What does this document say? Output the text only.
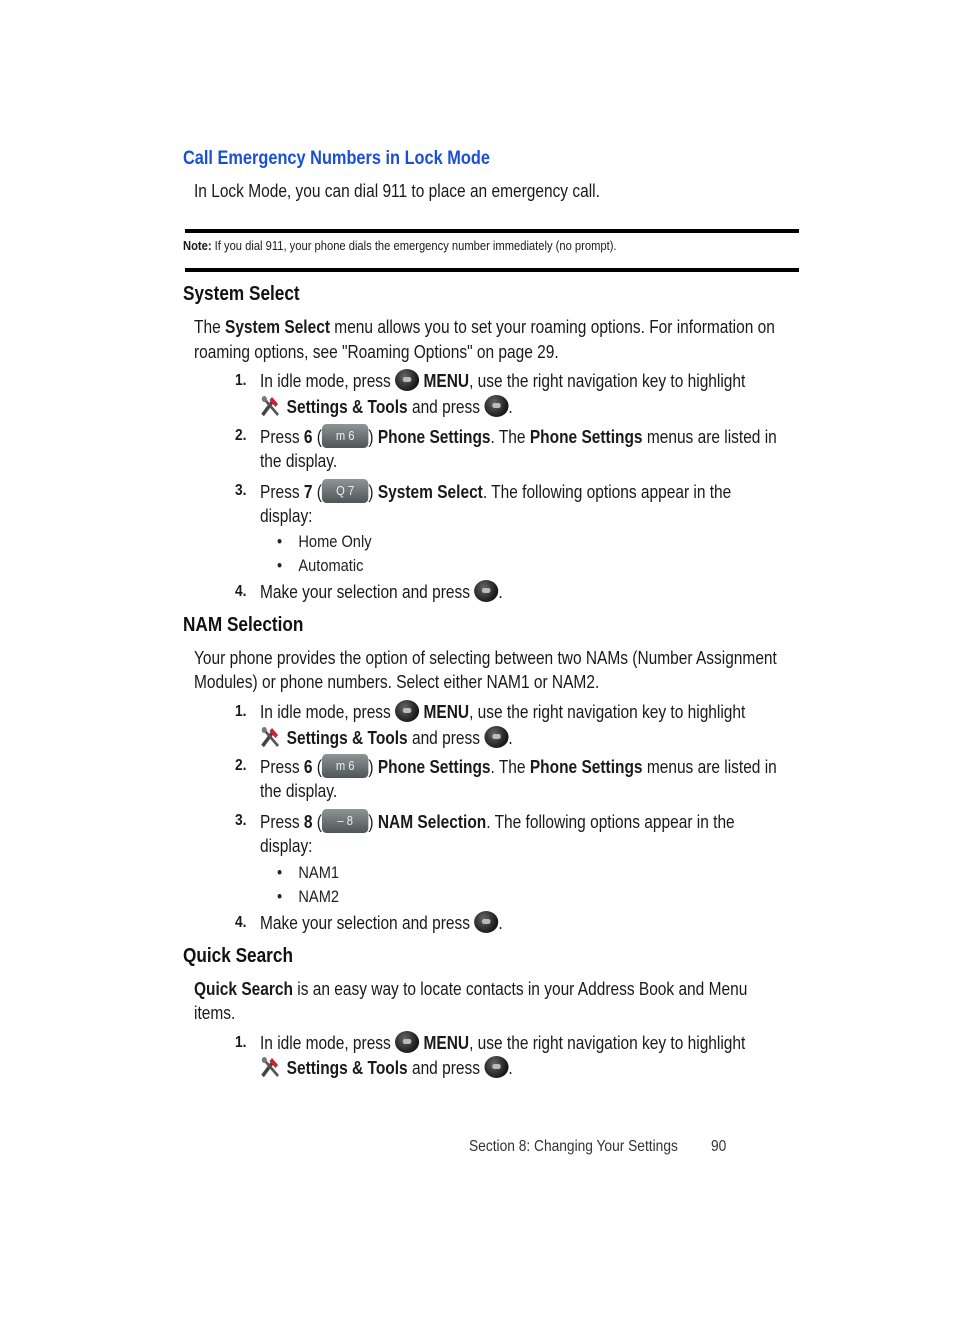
Call Emergency Numbers in Lock Mode
In Lock Mode, you can dial 911 to place an emergency call.
Note: If you dial 911, your phone dials the emergency number immediately (no prompt).
System Select
The System Select menu allows you to set your roaming options. For information on
roaming options, see "Roaming Options" on page 29.
1. In idle mode, press MENU, use the right navigation key to highlight
Settings & Tools and press .
2. Press 6 ( m 6 ) Phone Settings. The Phone Settings menus are listed in
the display.
3. Press 7 ( Q 7 ) System Select. The following options appear in the
display:
•    Home Only
•    Automatic
4. Make your selection and press .
NAM Selection
Your phone provides the option of selecting between two NAMs (Number Assignment
Modules) or phone numbers. Select either NAM1 or NAM2.
1. In idle mode, press MENU, use the right navigation key to highlight
Settings & Tools and press .
2. Press 6 ( m 6 ) Phone Settings. The Phone Settings menus are listed in
the display.
3. Press 8 ( – 8 ) NAM Selection. The following options appear in the
display:
•    NAM1
•    NAM2
4. Make your selection and press .
Quick Search
Quick Search is an easy way to locate contacts in your Address Book and Menu
items.
1. In idle mode, press MENU, use the right navigation key to highlight
Settings & Tools and press .
Section 8: Changing Your Settings 90
